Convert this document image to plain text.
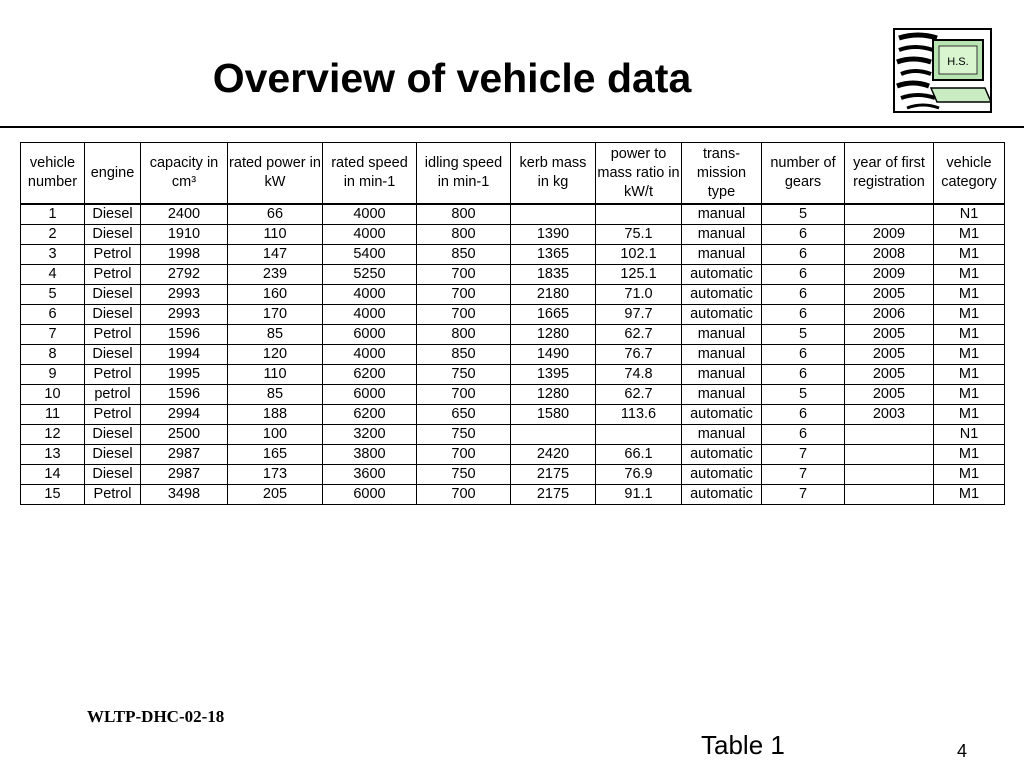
Overview of vehicle data	H.S.
vehicle number	engine	capacity in cm³	rated power in kW	rated speed in min-1	idling speed in min-1	kerb mass in kg	power to mass ratio in kW/t	trans- mission type	number of gears	year of first registration	vehicle category
1	Diesel	2400	66	4000	800			manual	5		N1
2	Diesel	1910	110	4000	800	1390	75.1	manual	6	2009	M1
3	Petrol	1998	147	5400	850	1365	102.1	manual	6	2008	M1
4	Petrol	2792	239	5250	700	1835	125.1	automatic	6	2009	M1
5	Diesel	2993	160	4000	700	2180	71.0	automatic	6	2005	M1
6	Diesel	2993	170	4000	700	1665	97.7	automatic	6	2006	M1
7	Petrol	1596	85	6000	800	1280	62.7	manual	5	2005	M1
8	Diesel	1994	120	4000	850	1490	76.7	manual	6	2005	M1
9	Petrol	1995	110	6200	750	1395	74.8	manual	6	2005	M1
10	petrol	1596	85	6000	700	1280	62.7	manual	5	2005	M1
11	Petrol	2994	188	6200	650	1580	113.6	automatic	6	2003	M1
12	Diesel	2500	100	3200	750			manual	6		N1
13	Diesel	2987	165	3800	700	2420	66.1	automatic	7		M1
14	Diesel	2987	173	3600	750	2175	76.9	automatic	7		M1
15	Petrol	3498	205	6000	700	2175	91.1	automatic	7		M1
WLTP-DHC-02-18
Table 1	4
